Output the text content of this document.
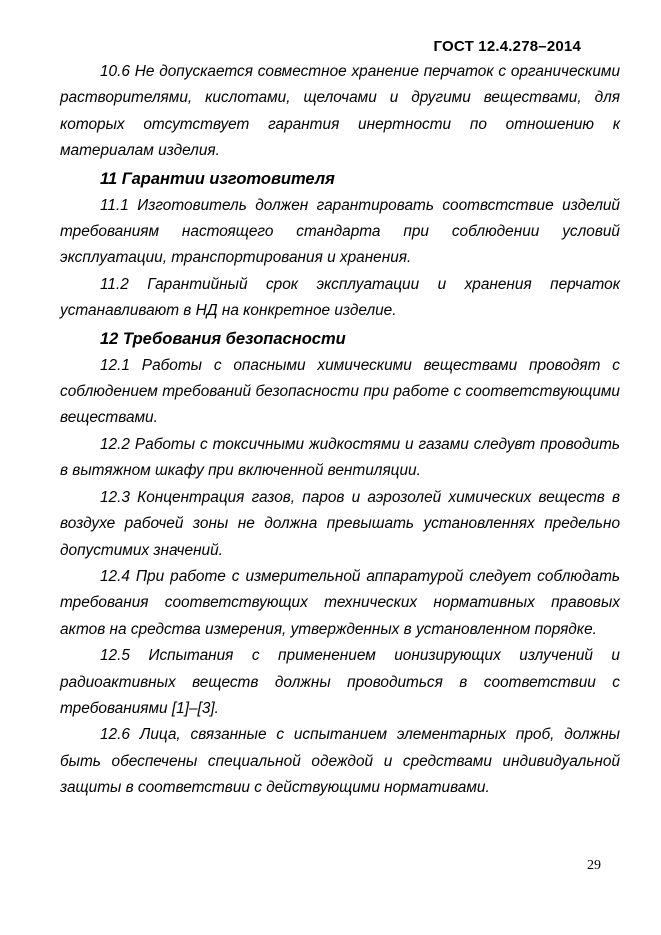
ГОСТ 12.4.278–2014

10.6 Не допускается совместное хранение перчаток с органическими растворителями, кислотами, щелочами и другими веществами, для которых отсутствует гарантия инертности по отношению к материалам изделия.

11 Гарантии изготовителя

11.1 Изготовитель должен гарантировать соотвстствие изделий требованиям настоящего стандарта при соблюдении условий эксплуатации, транспортирования и хранения.

11.2 Гарантийный срок эксплуатации и хранения перчаток устанавливают в НД на конкретное изделие.

12 Требования безопасности

12.1 Работы с опасными химическими веществами проводят с соблюдением требований безопасности при работе с соответствующими веществами.

12.2 Работы с токсичными жидкостями и газами следувт проводить в вытяжном шкафу при включенной вентиляции.

12.3 Концентрация газов, паров и аэрозолей химических веществ в воздухе рабочей зоны не должна превышать установленнях предельно допустимих значений.

12.4 При работе с измерительной аппаратурой следует соблюдать требования соответствующих технических нормативных правовых актов на средства измерения, утвержденных в установленном порядке.

12.5 Испытания с применением ионизирующих излучений и радиоактивных веществ должны проводиться в соответствии с требованиями [1]–[3].

12.6 Лица, связанные с испытанием элементарных проб, должны быть обеспечены специальной одеждой и средствами индивидуальной защиты в соответствии с действующими нормативами.

29
